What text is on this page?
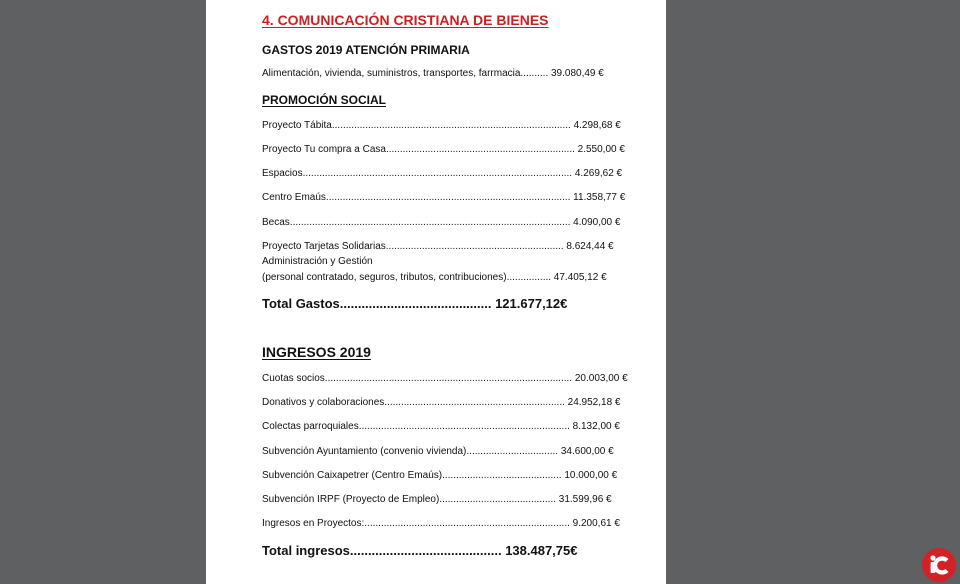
4. COMUNICACIÓN CRISTIANA DE BIENES
GASTOS 2019 ATENCIÓN PRIMARIA
Alimentación, vivienda, suministros, transportes, farrmacia.......... 39.080,49 €
PROMOCIÓN SOCIAL
Proyecto Tábita...................................................................................... 4.298,68 €
Proyecto Tu compra a Casa.................................................................... 2.550,00 €
Espacios................................................................................................. 4.269,62 €
Centro Emaús........................................................................................ 11.358,77 €
Becas..................................................................................................... 4.090,00 €
Proyecto Tarjetas Solidarias................................................................ 8.624,44 €
Administración y Gestión
(personal contratado, seguros, tributos, contribuciones)................ 47.405,12 €
Total Gastos.......................................... 121.677,12€
INGRESOS 2019
Cuotas socios......................................................................................... 20.003,00 €
Donativos y colaboraciones................................................................. 24.952,18 €
Colectas parroquiales............................................................................ 8.132,00 €
Subvención Ayuntamiento (convenio vivienda)................................. 34.600,00 €
Subvención Caixapetrer (Centro Emaús)........................................... 10.000,00 €
Subvención IRPF (Proyecto de Empleo).......................................... 31.599,96 €
Ingresos en Proyectos:.......................................................................... 9.200,61 €
Total ingresos.......................................... 138.487,75€
